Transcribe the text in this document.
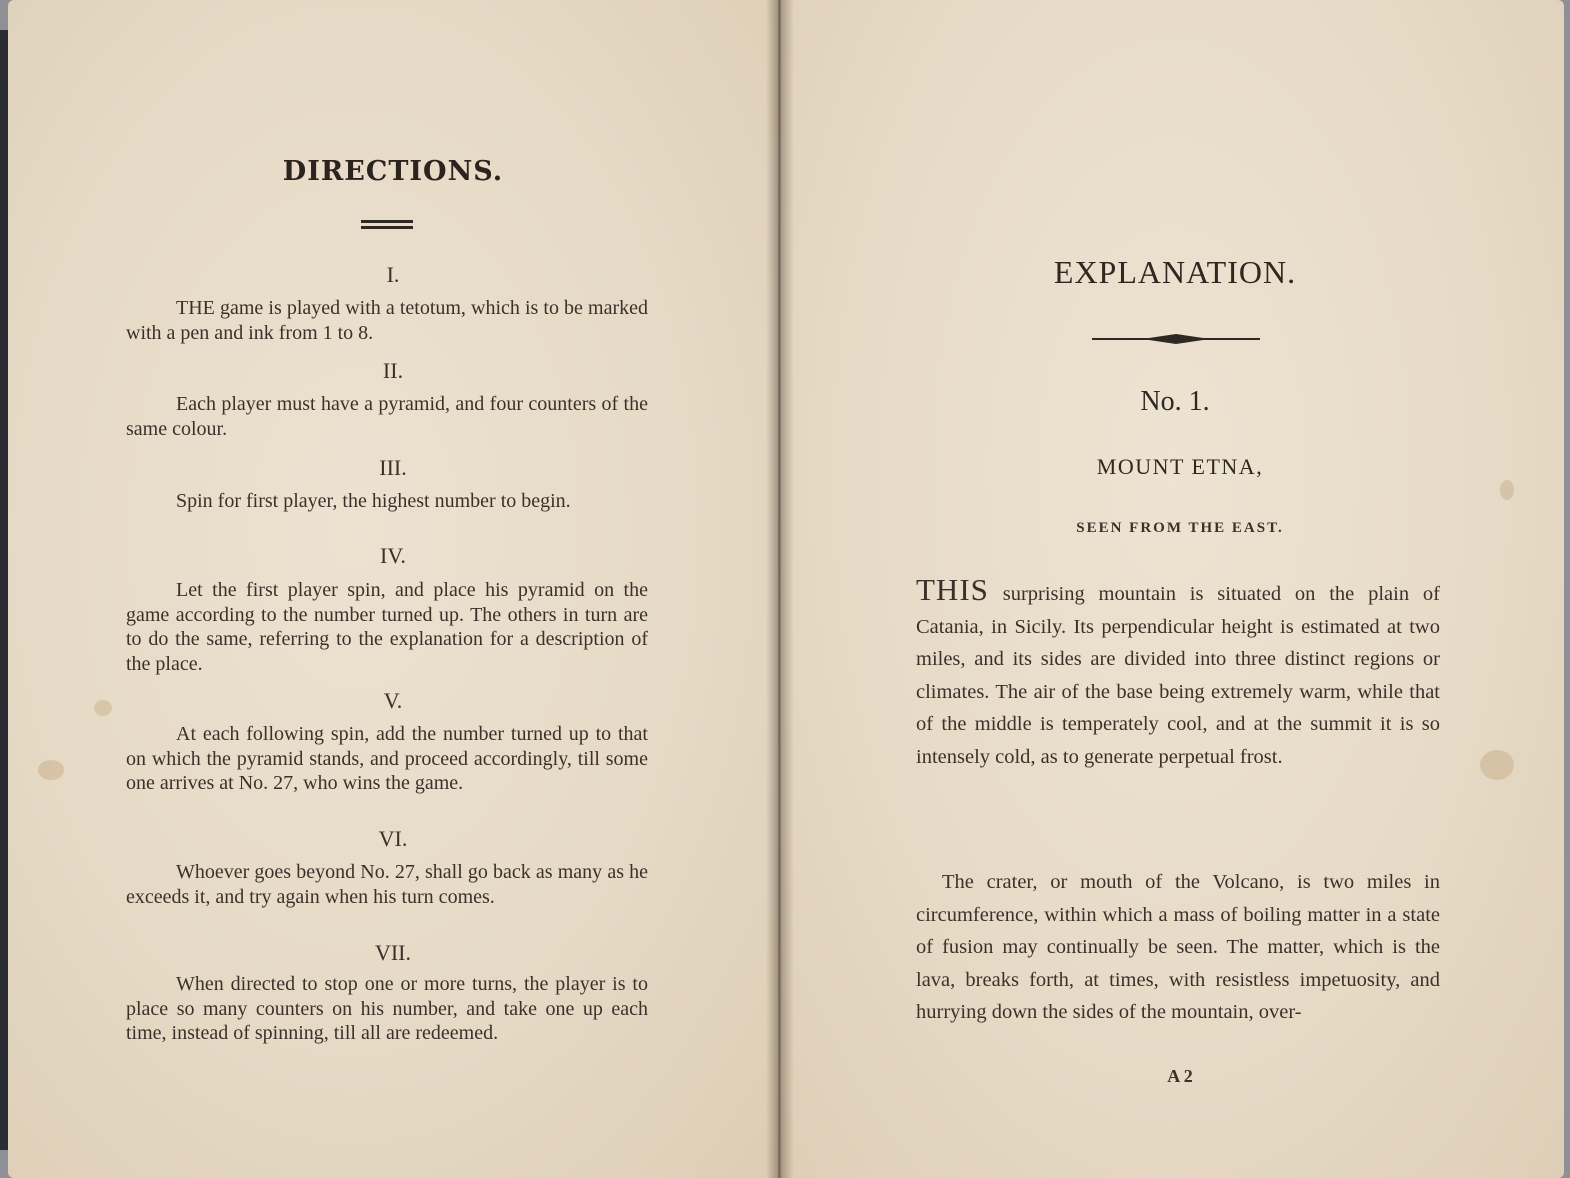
DIRECTIONS.
I.
THE game is played with a tetotum, which is to be marked with a pen and ink from 1 to 8.
II.
Each player must have a pyramid, and four counters of the same colour.
III.
Spin for first player, the highest number to begin.
IV.
Let the first player spin, and place his pyramid on the game according to the number turned up. The others in turn are to do the same, referring to the explanation for a description of the place.
V.
At each following spin, add the number turned up to that on which the pyramid stands, and proceed accordingly, till some one arrives at No. 27, who wins the game.
VI.
Whoever goes beyond No. 27, shall go back as many as he exceeds it, and try again when his turn comes.
VII.
When directed to stop one or more turns, the player is to place so many counters on his number, and take one up each time, instead of spinning, till all are redeemed.
EXPLANATION.
No. 1.
MOUNT ETNA,
SEEN FROM THE EAST.
THIS surprising mountain is situated on the plain of Catania, in Sicily. Its perpendicular height is estimated at two miles, and its sides are divided into three distinct regions or climates. The air of the base being extremely warm, while that of the middle is temperately cool, and at the summit it is so intensely cold, as to generate perpetual frost.
The crater, or mouth of the Volcano, is two miles in circumference, within which a mass of boiling matter in a state of fusion may continually be seen. The matter, which is the lava, breaks forth, at times, with resistless impetuosity, and hurrying down the sides of the mountain, over-
A 2
